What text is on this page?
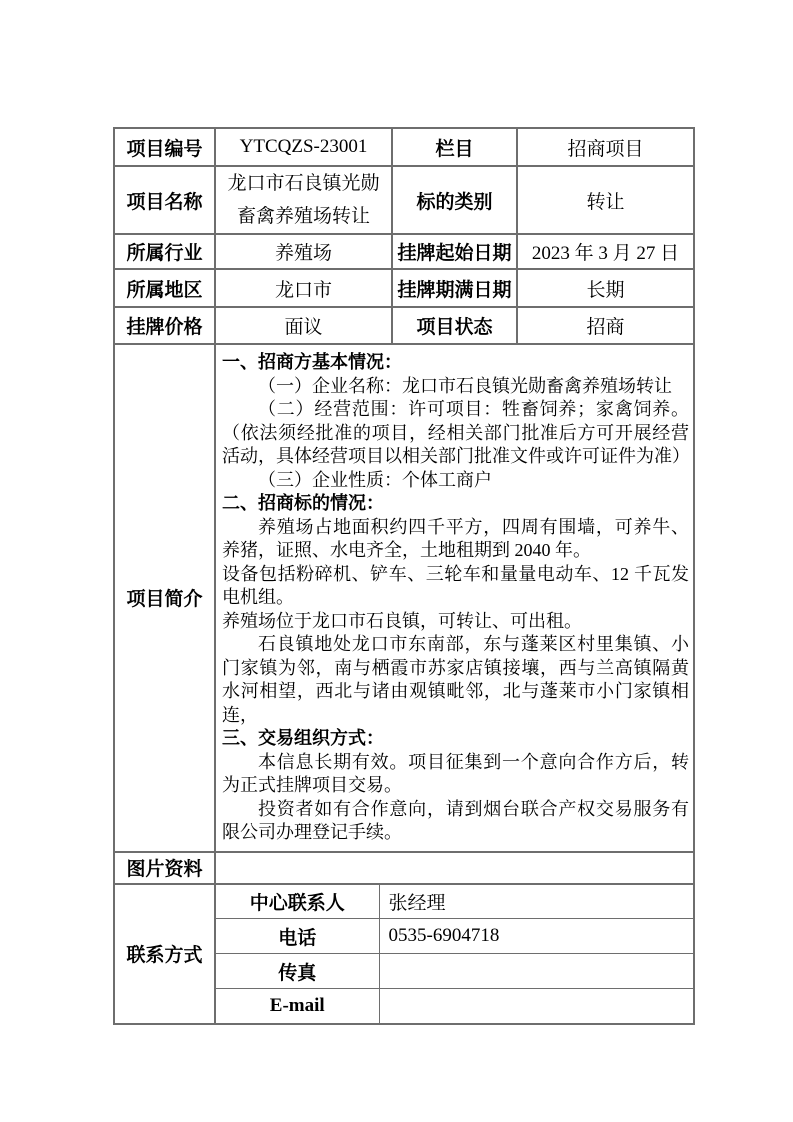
项目编号	YTCQZS-23001		栏目	招商项目
项目名称	龙口市石良镇光勋畜禽养殖场转让		标的类别	转让
所属行业	养殖场		挂牌起始日期	2023 年 3 月 27 日
所属地区	龙口市		挂牌期满日期	长期
挂牌价格	面议		项目状态	招商
项目简介	

一、招商方基本情况：

（一）企业名称：龙口市石良镇光勋畜禽养殖场转让

（二）经营范围：许可项目：牲畜饲养；家禽饲养。（依法须经批准的项目，经相关部门批准后方可开展经营活动，具体经营项目以相关部门批准文件或许可证件为准）

（三）企业性质：个体工商户

二、招商标的情况：

养殖场占地面积约四千平方，四周有围墙，可养牛、养猪，证照、水电齐全，土地租期到 2040 年。

设备包括粉碎机、铲车、三轮车和量量电动车、12 千瓦发电机组。

养殖场位于龙口市石良镇，可转让、可出租。

石良镇地处龙口市东南部，东与蓬莱区村里集镇、小门家镇为邻，南与栖霞市苏家店镇接壤，西与兰高镇隔黄水河相望，西北与诸由观镇毗邻，北与蓬莱市小门家镇相连，

三、交易组织方式：

本信息长期有效。项目征集到一个意向合作方后，转为正式挂牌项目交易。

投资者如有合作意向，请到烟台联合产权交易服务有限公司办理登记手续。

图片资料				
联系方式	中心联系人	张经理		
	电话	0535-6904718		
	传真			
	E-mail			
